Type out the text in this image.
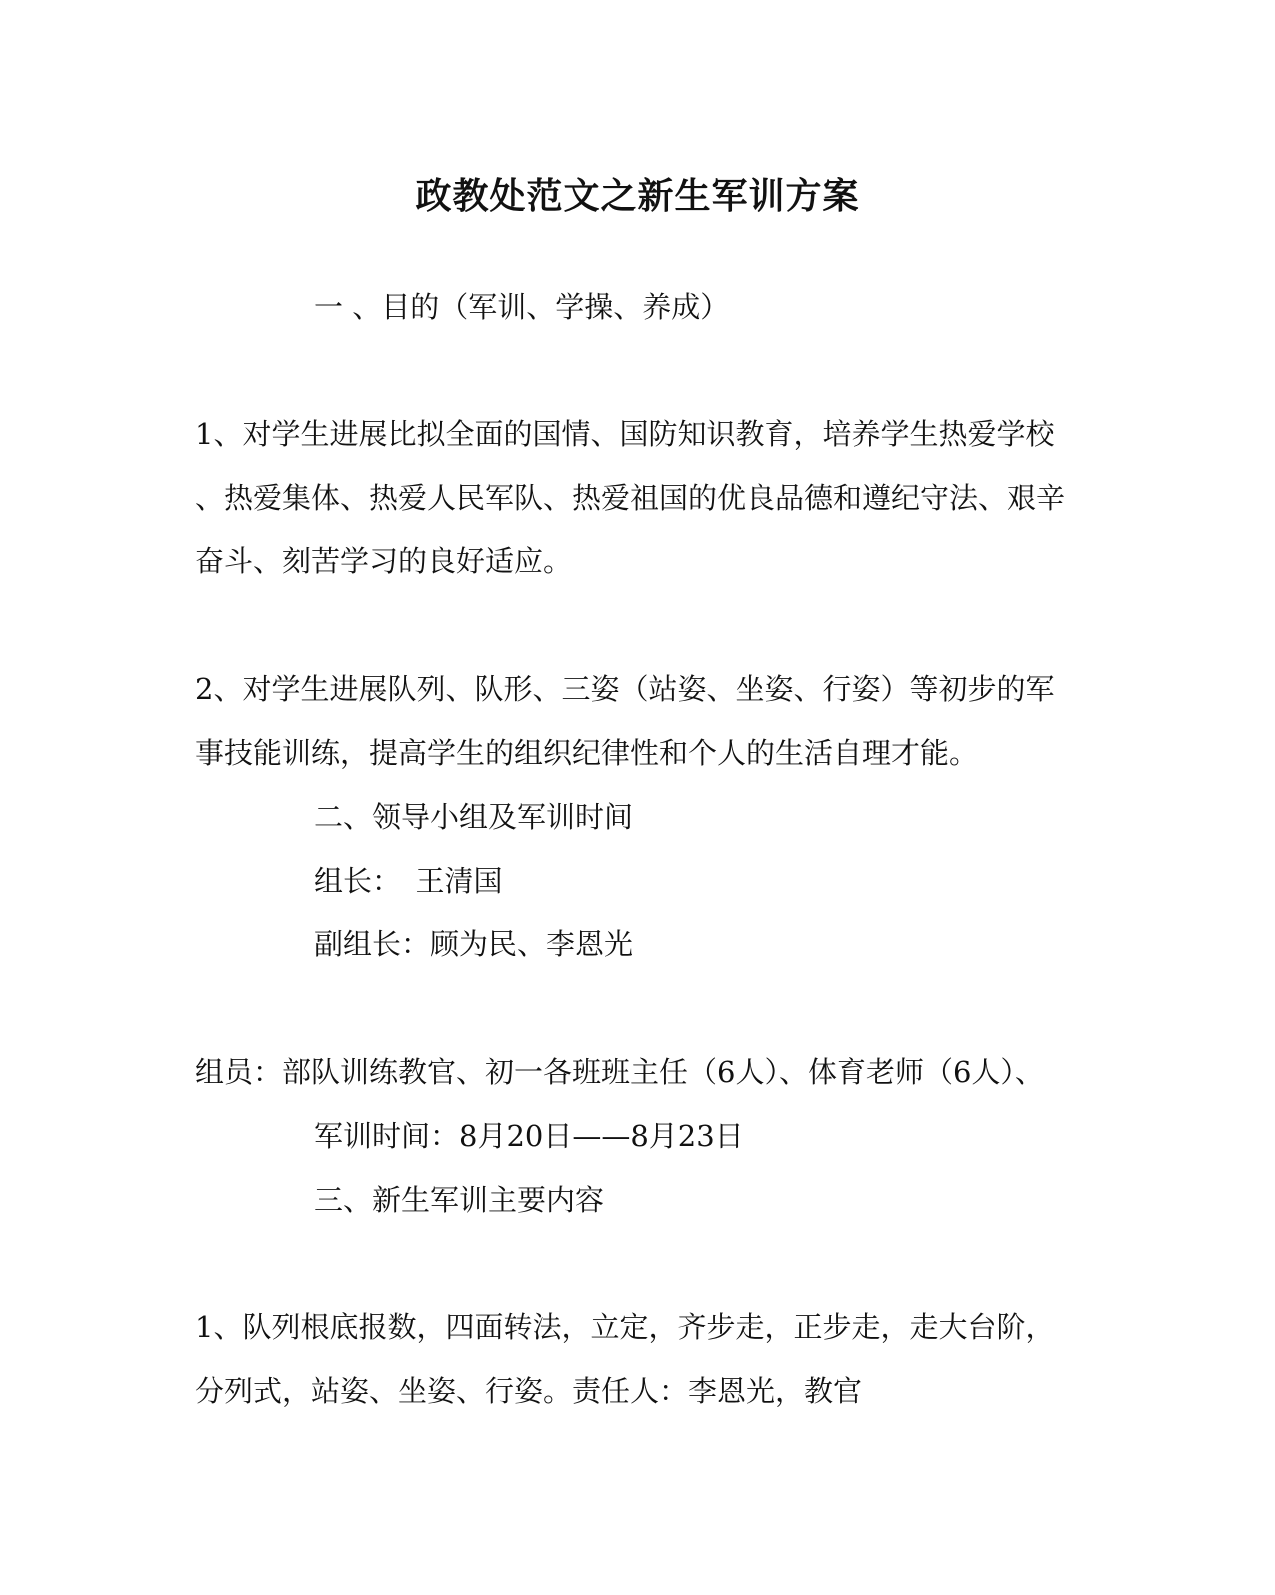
政教处范文之新生军训方案
一 、目的（军训、学操、养成）
1、对学生进展比拟全面的国情、国防知识教育，培养学生热爱学校
、热爱集体、热爱人民军队、热爱祖国的优良品德和遵纪守法、艰辛
奋斗、刻苦学习的良好适应。
2、对学生进展队列、队形、三姿（站姿、坐姿、行姿）等初步的军
事技能训练，提高学生的组织纪律性和个人的生活自理才能。
二、领导小组及军训时间
组长：　王清国
副组长：顾为民、李恩光
组员：部队训练教官、初一各班班主任（6人）、体育老师（6人）、
军训时间：8月20日——8月23日
三、新生军训主要内容
1、队列根底报数，四面转法，立定，齐步走，正步走，走大台阶，
分列式，站姿、坐姿、行姿。责任人：李恩光，教官
